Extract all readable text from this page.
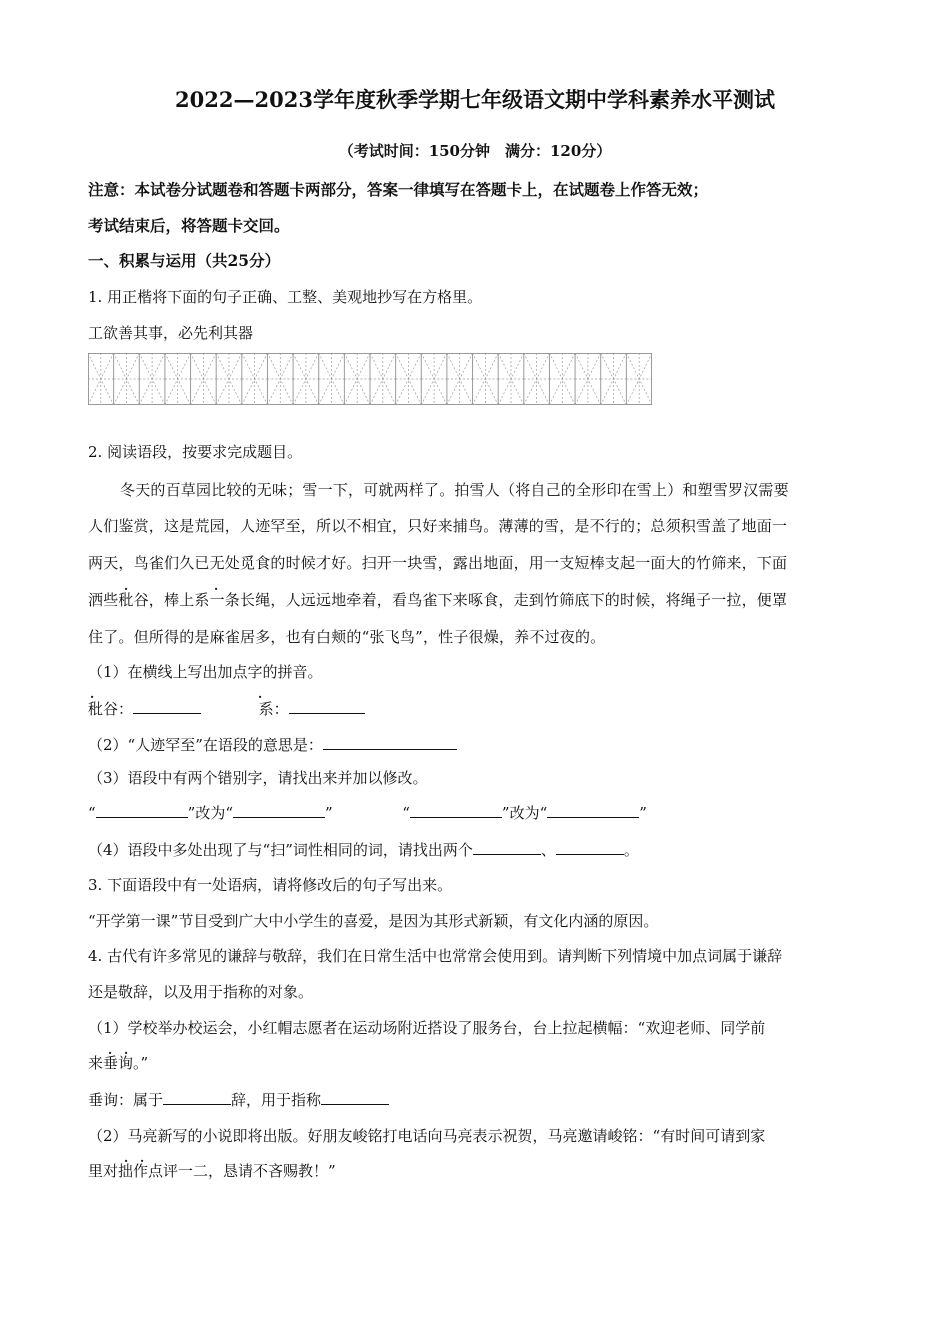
2022—2023学年度秋季学期七年级语文期中学科素养水平测试
（考试时间：150分钟　满分：120分）
注意：本试卷分试题卷和答题卡两部分，答案一律填写在答题卡上，在试题卷上作答无效；
考试结束后，将答题卡交回。
一、积累与运用（共25分）
1. 用正楷将下面的句子正确、工整、美观地抄写在方格里。
工欲善其事，必先利其器
2. 阅读语段，按要求完成题目。
冬天的百草园比较的无味；雪一下，可就两样了。拍雪人（将自己的全形印在雪上）和塑雪罗汉需要
人们鉴赏，这是荒园，人迹罕至，所以不相宜，只好来捕鸟。薄薄的雪，是不行的；总须积雪盖了地面一
两天，鸟雀们久已无处觅食的时候才好。扫开一块雪，露出地面，用一支短棒支起一面大的竹筛来，下面
.	.
洒些秕谷，棒上系一条长绳，人远远地牵着，看鸟雀下来啄食，走到竹筛底下的时候，将绳子一拉，便罩
住了。但所得的是麻雀居多，也有白颊的“张飞鸟”，性子很燥，养不过夜的。
（1）在横线上写出加点字的拼音。
.	.
秕谷：	系：
（2）“人迹罕至”在语段的意思是：
（3）语段中有两个错别字，请找出来并加以修改。
“	”改为“	”	“	”改为“	”
（4）语段中多处出现了与“扫”词性相同的词，请找出两个	、	。
3. 下面语段中有一处语病，请将修改后的句子写出来。
“开学第一课”节目受到广大中小学生的喜爱，是因为其形式新颖，有文化内涵的原因。
4. 古代有许多常见的谦辞与敬辞，我们在日常生活中也常常会使用到。请判断下列情境中加点词属于谦辞
还是敬辞，以及用于指称的对象。
（1）学校举办校运会，小红帽志愿者在运动场附近搭设了服务台，台上拉起横幅：“欢迎老师、同学前
. .
来垂询。”
垂询：属于	辞，用于指称
（2）马亮新写的小说即将出版。好朋友峻铭打电话向马亮表示祝贺，马亮邀请峻铭：“有时间可请到家
. .
里对拙作点评一二，恳请不吝赐教！”
